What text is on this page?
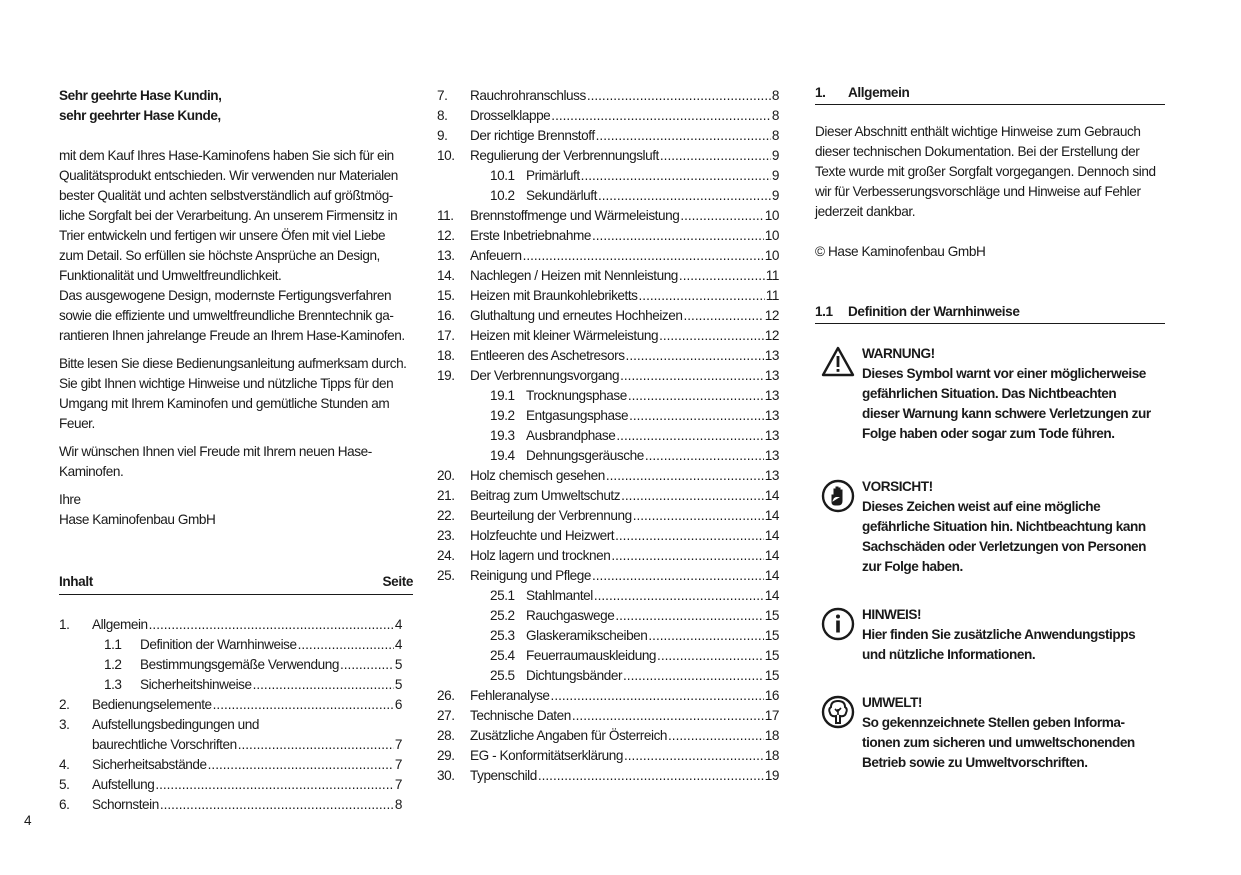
Sehr geehrte Hase Kundin,
sehr geehrter Hase Kunde,
mit dem Kauf Ihres Hase-Kaminofens haben Sie sich für ein
Qualitätsprodukt entschieden. Wir verwenden nur Materialen
bester Qualität und achten selbstverständlich auf größtmög-
liche Sorgfalt bei der Verarbeitung. An unserem Firmensitz in
Trier entwickeln und fertigen wir unsere Öfen mit viel Liebe
zum Detail. So erfüllen sie höchste Ansprüche an Design,
Funktionalität und Umweltfreundlichkeit.
Das ausgewogene Design, modernste Fertigungsverfahren
sowie die effiziente und umweltfreundliche Brenntechnik ga-
rantieren Ihnen jahrelange Freude an Ihrem Hase-Kaminofen.
Bitte lesen Sie diese Bedienungsanleitung aufmerksam durch.
Sie gibt Ihnen wichtige Hinweise und nützliche Tipps für den
Umgang mit Ihrem Kaminofen und gemütliche Stunden am
Feuer.
Wir wünschen Ihnen viel Freude mit Ihrem neuen Hase-
Kaminofen.
Ihre
Hase Kaminofenbau GmbH
Inhalt	Seite
1.	Allgemein .....	4
1.1	Definition der Warnhinweise .....	4
1.2	Bestimmungsgemäße Verwendung .....	5
1.3	Sicherheitshinweise .....	5
2.	Bedienungselemente .....	6
3.	Aufstellungsbedingungen und
baurechtliche Vorschriften .....	7
4.	Sicherheitsabstände .....	7
5.	Aufstellung .....	7
6.	Schornstein .....	8
7.	Rauchrohranschluss .....	8
8.	Drosselklappe .....	8
9.	Der richtige Brennstoff .....	8
10.	Regulierung der Verbrennungsluft .....	9
10.1 Primärluft .....	9
10.2 Sekundärluft .....	9
11.	Brennstoffmenge und Wärmeleistung .....	10
12.	Erste Inbetriebnahme .....	10
13.	Anfeuern .....	10
14.	Nachlegen / Heizen mit Nennleistung .....	11
15.	Heizen mit Braunkohlebriketts .....	11
16.	Gluthaltung und erneutes Hochheizen .....	12
17.	Heizen mit kleiner Wärmeleistung .....	12
18.	Entleeren des Aschetresors .....	13
19.	Der Verbrennungsvorgang .....	13
19.1 Trocknungsphase .....	13
19.2 Entgasungsphase .....	13
19.3 Ausbrandphase .....	13
19.4 Dehnungsgeräusche .....	13
20.	Holz chemisch gesehen .....	13
21.	Beitrag zum Umweltschutz .....	14
22.	Beurteilung der Verbrennung .....	14
23.	Holzfeuchte und Heizwert .....	14
24.	Holz lagern und trocknen .....	14
25.	Reinigung und Pflege .....	14
25.1 Stahlmantel .....	14
25.2 Rauchgaswege .....	15
25.3 Glaskeramikscheiben .....	15
25.4 Feuerraumauskleidung .....	15
25.5 Dichtungsbänder .....	15
26.	Fehleranalyse .....	16
27.	Technische Daten .....	17
28.	Zusätzliche Angaben für Österreich .....	18
29.	EG - Konformitätserklärung .....	18
30.	Typenschild .....	19
1. Allgemein
Dieser Abschnitt enthält wichtige Hinweise zum Gebrauch
dieser technischen Dokumentation. Bei der Erstellung der
Texte wurde mit großer Sorgfalt vorgegangen. Dennoch sind
wir für Verbesserungsvorschläge und Hinweise auf Fehler
jederzeit dankbar.
© Hase Kaminofenbau GmbH
1.1 Definition der Warnhinweise
WARNUNG!
Dieses Symbol warnt vor einer möglicherweise
gefährlichen Situation. Das Nichtbeachten
dieser Warnung kann schwere Verletzungen zur
Folge haben oder sogar zum Tode führen.
VORSICHT!
Dieses Zeichen weist auf eine mögliche
gefährliche Situation hin. Nichtbeachtung kann
Sachschäden oder Verletzungen von Personen
zur Folge haben.
HINWEIS!
Hier finden Sie zusätzliche Anwendungstipps
und nützliche Informationen.
UMWELT!
So gekennzeichnete Stellen geben Informa-
tionen zum sicheren und umweltschonenden
Betrieb sowie zu Umweltvorschriften.
4
